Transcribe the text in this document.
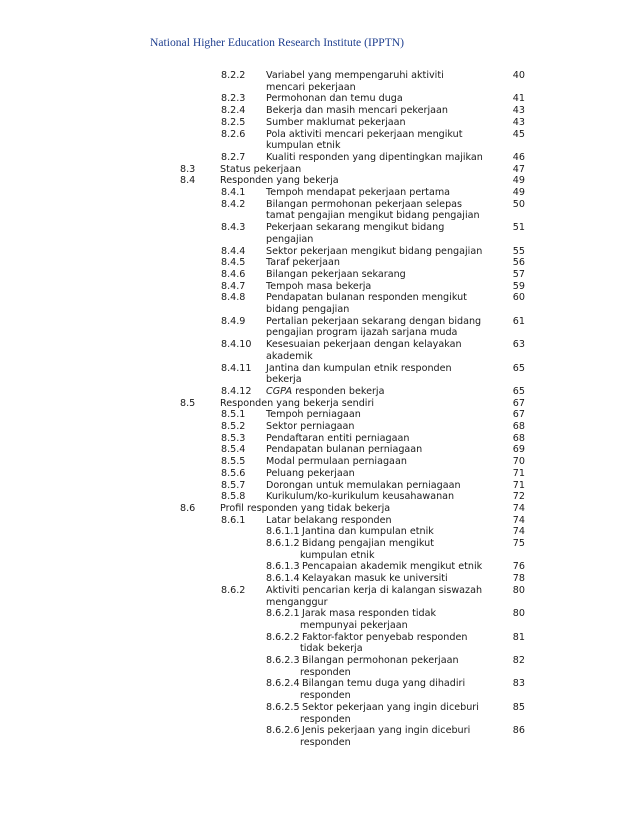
National Higher Education Research Institute (IPPTN)
8.2.2 Variabel yang mempengaruhi aktiviti	40
mencari pekerjaan
8.2.3 Permohonan dan temu duga	41
8.2.4 Bekerja dan masih mencari pekerjaan	43
8.2.5 Sumber maklumat pekerjaan	43
8.2.6 Pola aktiviti mencari pekerjaan mengikut	45
kumpulan etnik
8.2.7 Kualiti responden yang dipentingkan majikan	46
8.3	Status pekerjaan	47
8.4	Responden yang bekerja	49
8.4.1 Tempoh mendapat pekerjaan pertama	49
8.4.2 Bilangan permohonan pekerjaan selepas	50
tamat pengajian mengikut bidang pengajian
8.4.3 Pekerjaan sekarang mengikut bidang	51
pengajian
8.4.4 Sektor pekerjaan mengikut bidang pengajian	55
8.4.5 Taraf pekerjaan	56
8.4.6 Bilangan pekerjaan sekarang	57
8.4.7 Tempoh masa bekerja	59
8.4.8 Pendapatan bulanan responden mengikut	60
bidang pengajian
8.4.9 Pertalian pekerjaan sekarang dengan bidang	61
pengajian program ijazah sarjana muda
8.4.10 Kesesuaian pekerjaan dengan kelayakan	63
akademik
8.4.11 Jantina dan kumpulan etnik responden	65
bekerja
8.4.12 CGPA responden bekerja	65
8.5	Responden yang bekerja sendiri	67
8.5.1 Tempoh perniagaan	67
8.5.2 Sektor perniagaan	68
8.5.3 Pendaftaran entiti perniagaan	68
8.5.4 Pendapatan bulanan perniagaan	69
8.5.5 Modal permulaan perniagaan	70
8.5.6 Peluang pekerjaan	71
8.5.7 Dorongan untuk memulakan perniagaan	71
8.5.8 Kurikulum/ko-kurikulum keusahawanan	72
8.6	Profil responden yang tidak bekerja	74
8.6.1 Latar belakang responden	74
8.6.1.1 Jantina dan kumpulan etnik	74
8.6.1.2 Bidang pengajian mengikut	75
kumpulan etnik
8.6.1.3 Pencapaian akademik mengikut etnik	76
8.6.1.4 Kelayakan masuk ke universiti	78
8.6.2 Aktiviti pencarian kerja di kalangan siswazah	80
menganggur
8.6.2.1 Jarak masa responden tidak	80
mempunyai pekerjaan
8.6.2.2 Faktor-faktor penyebab responden	81
tidak bekerja
8.6.2.3 Bilangan permohonan pekerjaan	82
responden
8.6.2.4 Bilangan temu duga yang dihadiri	83
responden
8.6.2.5 Sektor pekerjaan yang ingin diceburi	85
responden
8.6.2.6 Jenis pekerjaan yang ingin diceburi	86
responden
